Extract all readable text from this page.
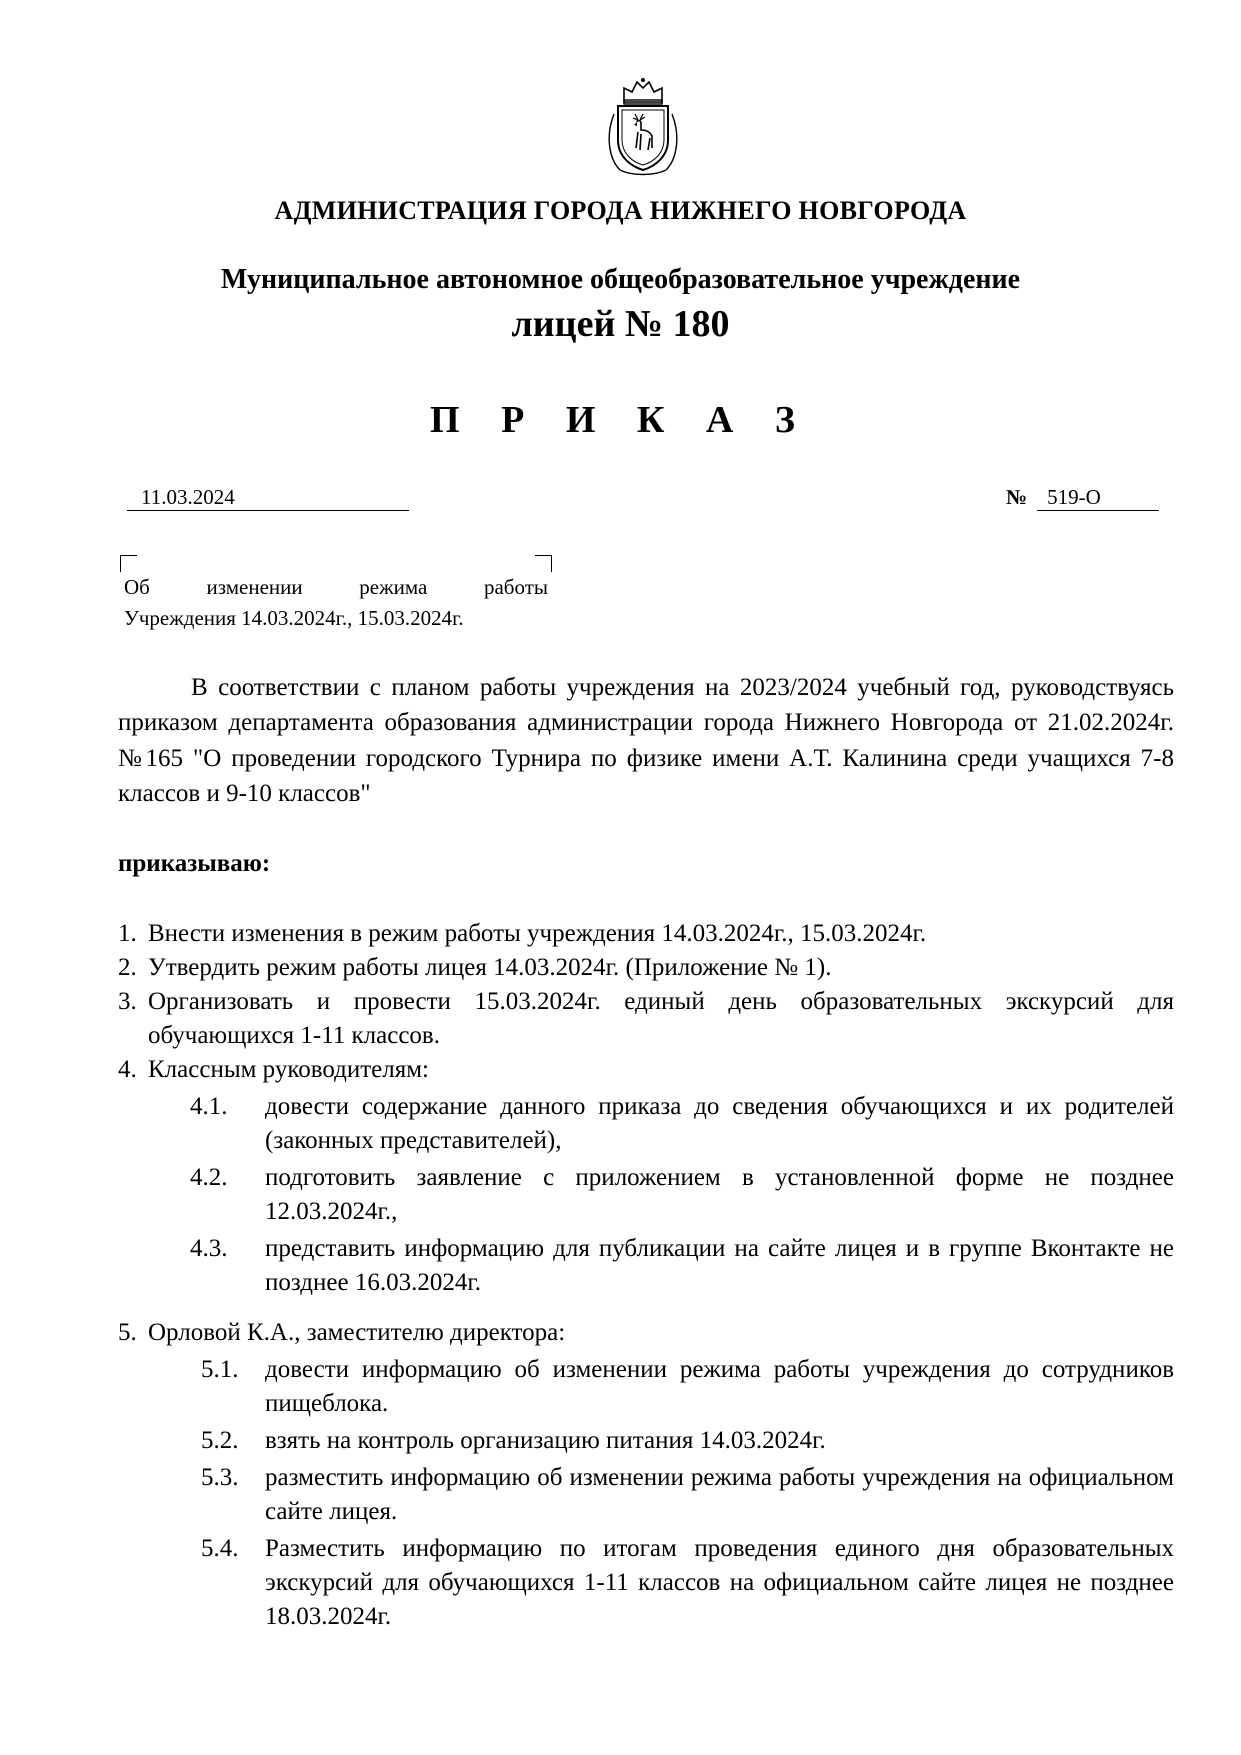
АДМИНИСТРАЦИЯ ГОРОДА НИЖНЕГО НОВГОРОДА
Муниципальное автономное общеобразовательное учреждение
лицей № 180
П Р И К А З
11.03.2024	№ 519-О
Об изменении режима работы
Учреждения 14.03.2024г., 15.03.2024г.

В соответствии с планом работы учреждения на 2023/2024 учебный год, руководствуясь приказом департамента образования администрации города Нижнего Новгорода от 21.02.2024г. №165 "О проведении городского Турнира по физике имени А.Т. Калинина среди учащихся 7-8 классов и 9-10 классов"

приказываю:
1. Внести изменения в режим работы учреждения 14.03.2024г., 15.03.2024г.
2. Утвердить режим работы лицея 14.03.2024г. (Приложение № 1).
3. Организовать и провести 15.03.2024г. единый день образовательных экскурсий для обучающихся 1-11 классов.
4. Классным руководителям:
4.1. довести содержание данного приказа до сведения обучающихся и их родителей (законных представителей),
4.2. подготовить заявление с приложением в установленной форме не позднее 12.03.2024г.,
4.3. представить информацию для публикации на сайте лицея и в группе Вконтакте не позднее 16.03.2024г.
5. Орловой К.А., заместителю директора:
5.1. довести информацию об изменении режима работы учреждения до сотрудников пищеблока.
5.2. взять на контроль организацию питания 14.03.2024г.
5.3. разместить информацию об изменении режима работы учреждения на официальном сайте лицея.
5.4. Разместить информацию по итогам проведения единого дня образовательных экскурсий для обучающихся 1-11 классов на официальном сайте лицея не позднее 18.03.2024г.
